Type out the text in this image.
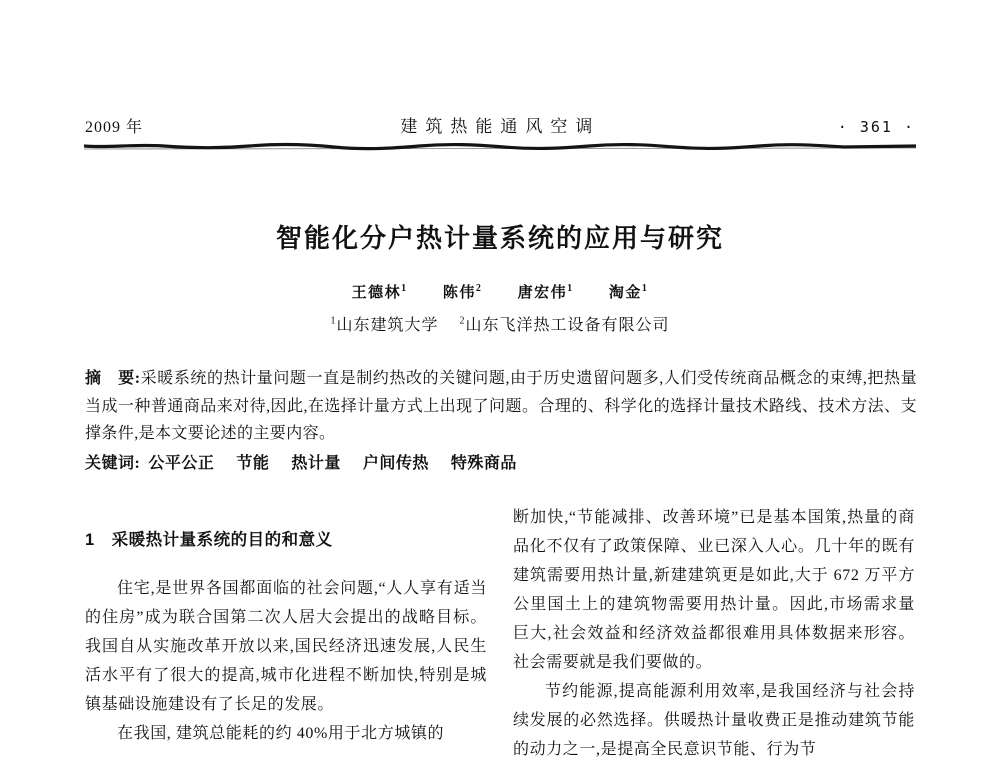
2009 年	建筑热能通风空调	· 361 ·
智能化分户热计量系统的应用与研究
王德林$^1$ 陈伟$^2$ 唐宏伟$^1$ 淘金$^1$
$^1$山东建筑大学 $^2$山东飞洋热工设备有限公司
摘　要:采暖系统的热计量问题一直是制约热改的关键问题,由于历史遗留问题多,人们受传统商品概念的束缚,把热量当成一种普通商品来对待,因此,在选择计量方式上出现了问题。合理的、科学化的选择计量技术路线、技术方法、支撑条件,是本文要论述的主要内容。
关键词: 公平公正 节能 热计量 户间传热 特殊商品
1　采暖热计量系统的目的和意义

住宅,是世界各国都面临的社会问题,“人人享有适当的住房”成为联合国第二次人居大会提出的战略目标。我国自从实施改革开放以来,国民经济迅速发展,人民生活水平有了很大的提高,城市化进程不断加快,特别是城镇基础设施建设有了长足的发展。

在我国, 建筑总能耗的约 40%用于北方城镇的

断加快,“节能减排、改善环境”已是基本国策,热量的商品化不仅有了政策保障、业已深入人心。几十年的既有建筑需要用热计量,新建建筑更是如此,大于 672 万平方公里国土上的建筑物需要用热计量。因此,市场需求量巨大,社会效益和经济效益都很难用具体数据来形容。社会需要就是我们要做的。

节约能源,提高能源利用效率,是我国经济与社会持续发展的必然选择。供暖热计量收费正是推动建筑节能的动力之一,是提高全民意识节能、行为节
